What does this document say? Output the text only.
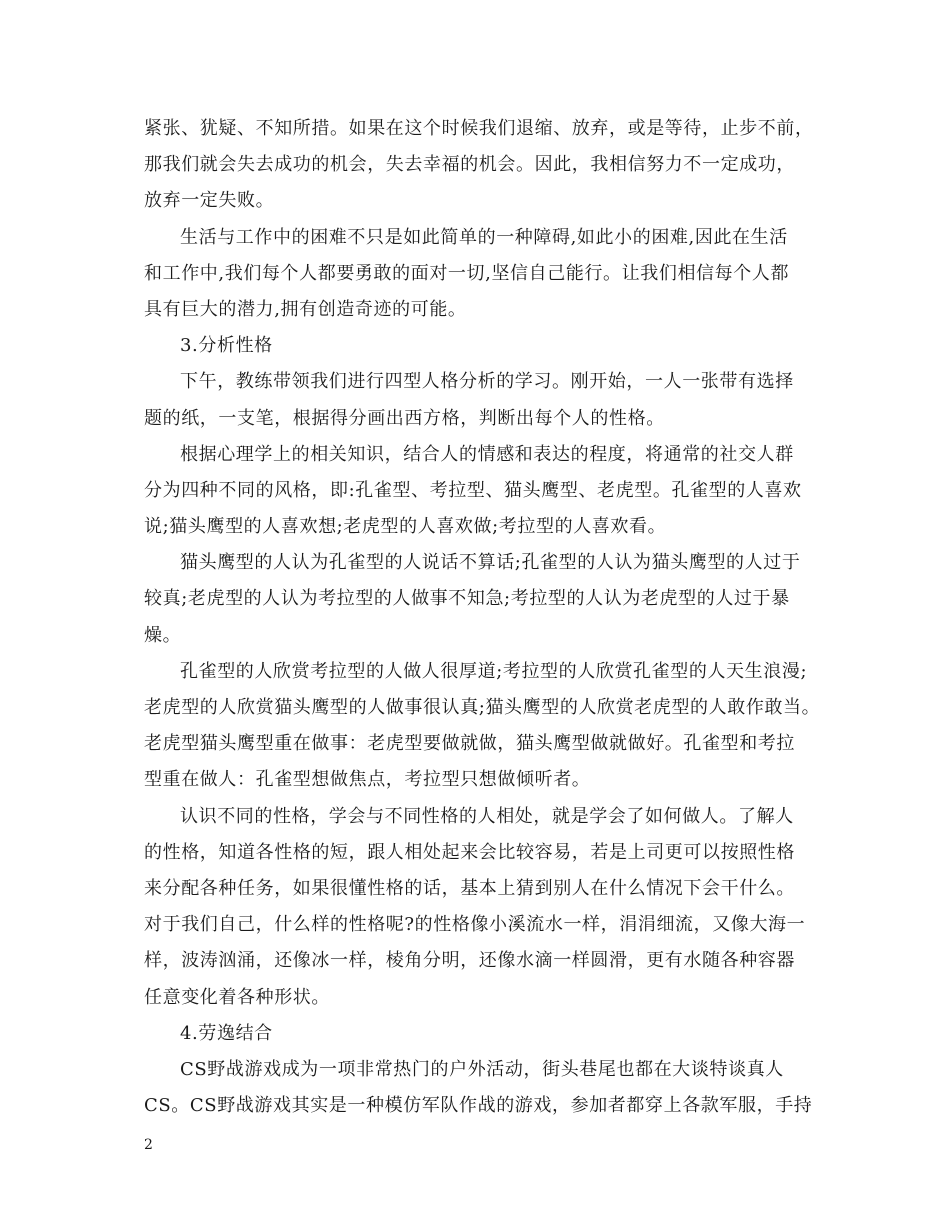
紧张、犹疑、不知所措。如果在这个时候我们退缩、放弃，或是等待，止步不前，
那我们就会失去成功的机会，失去幸福的机会。因此，我相信努力不一定成功，
放弃一定失败。
生活与工作中的困难不只是如此简单的一种障碍,如此小的困难,因此在生活
和工作中,我们每个人都要勇敢的面对一切,坚信自己能行。让我们相信每个人都
具有巨大的潜力,拥有创造奇迹的可能。
3.分析性格
下午，教练带领我们进行四型人格分析的学习。刚开始，一人一张带有选择
题的纸，一支笔，根据得分画出西方格，判断出每个人的性格。
根据心理学上的相关知识，结合人的情感和表达的程度，将通常的社交人群
分为四种不同的风格，即:孔雀型、考拉型、猫头鹰型、老虎型。孔雀型的人喜欢
说;猫头鹰型的人喜欢想;老虎型的人喜欢做;考拉型的人喜欢看。
猫头鹰型的人认为孔雀型的人说话不算话;孔雀型的人认为猫头鹰型的人过于
较真;老虎型的人认为考拉型的人做事不知急;考拉型的人认为老虎型的人过于暴
燥。
孔雀型的人欣赏考拉型的人做人很厚道;考拉型的人欣赏孔雀型的人天生浪漫;
老虎型的人欣赏猫头鹰型的人做事很认真;猫头鹰型的人欣赏老虎型的人敢作敢当。
老虎型猫头鹰型重在做事：老虎型要做就做，猫头鹰型做就做好。孔雀型和考拉
型重在做人：孔雀型想做焦点，考拉型只想做倾听者。
认识不同的性格，学会与不同性格的人相处，就是学会了如何做人。了解人
的性格，知道各性格的短，跟人相处起来会比较容易，若是上司更可以按照性格
来分配各种任务，如果很懂性格的话，基本上猜到别人在什么情况下会干什么。
对于我们自己，什么样的性格呢?的性格像小溪流水一样，涓涓细流，又像大海一
样，波涛汹涌，还像冰一样，棱角分明，还像水滴一样圆滑，更有水随各种容器
任意变化着各种形状。
4.劳逸结合
CS野战游戏成为一项非常热门的户外活动，街头巷尾也都在大谈特谈真人
CS。CS野战游戏其实是一种模仿军队作战的游戏，参加者都穿上各款军服，手持
2
